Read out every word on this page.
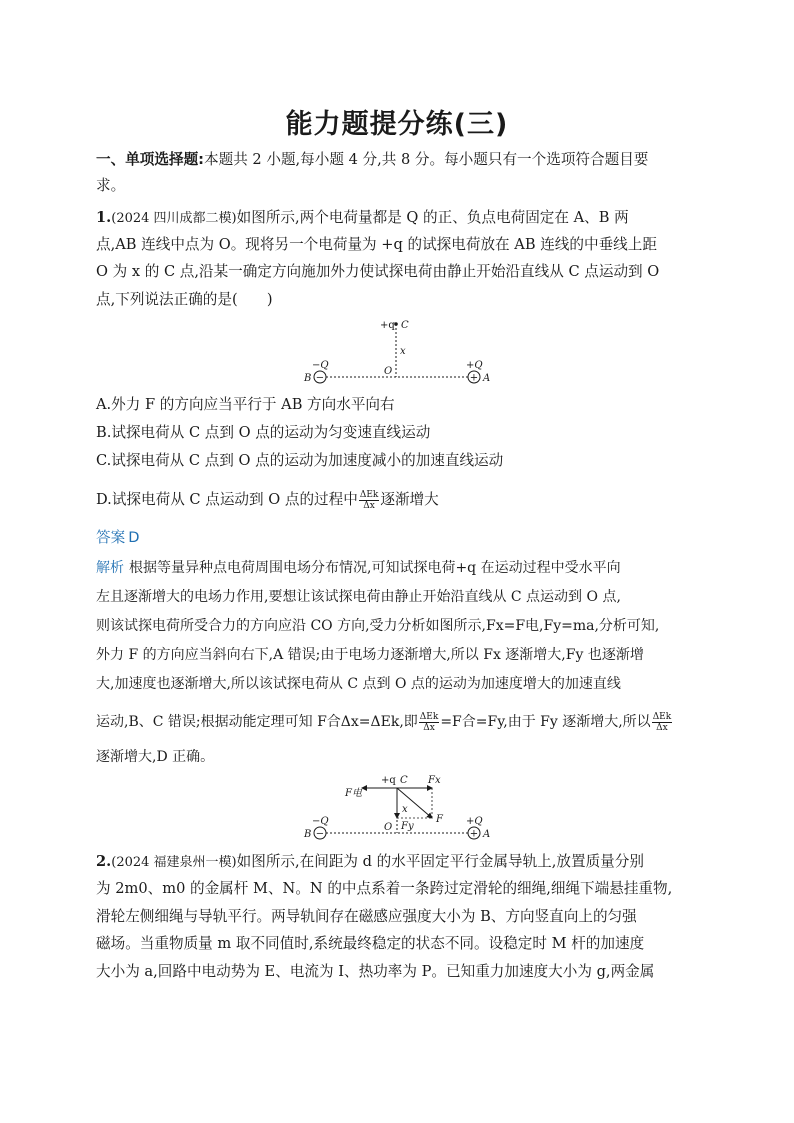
能力题提分练(三)
一、单项选择题:本题共 2 小题,每小题 4 分,共 8 分。每小题只有一个选项符合题目要
求。
1.(2024 四川成都二模)如图所示,两个电荷量都是 Q 的正、负点电荷固定在 A、B 两
点,AB 连线中点为 O。现将另一个电荷量为 +q 的试探电荷放在 AB 连线的中垂线上距
O 为 x 的 C 点,沿某一确定方向施加外力使试探电荷由静止开始沿直线从 C 点运动到 O
点,下列说法正确的是(　　)
−	+
+q C
x
−Q	+Q
B	A
O
A.外力 F 的方向应当平行于 AB 方向水平向右
B.试探电荷从 C 点到 O 点的运动为匀变速直线运动
C.试探电荷从 C 点到 O 点的运动为加速度减小的加速直线运动
D.试探电荷从 C 点运动到 O 点的过程中 $\frac{\text{ΔEk}}{\Delta x}$ 逐渐增大
答案 D
解析 根据等量异种点电荷周围电场分布情况,可知试探电荷+q 在运动过程中受水平向
左且逐渐增大的电场力作用,要想让该试探电荷由静止开始沿直线从 C 点运动到 O 点,
则该试探电荷所受合力的方向应沿 CO 方向,受力分析如图所示,Fx=F电,Fy=ma,分析可知,
外力 F 的方向应当斜向右下,A 错误;由于电场力逐渐增大,所以 Fx 逐渐增大,Fy 也逐渐增
大,加速度也逐渐增大,所以该试探电荷从 C 点到 O 点的运动为加速度增大的加速直线
运动,B、C 错误;根据动能定理可知 F合Δx=ΔEk,即 $\frac{\text{ΔEk}}{\Delta x} =F$合=Fy,由于 Fy 逐渐增大,所以 $\frac{\text{ΔEk}}{\Delta x}$
逐渐增大,D 正确。
−	+
+q C Fx
F电
x
F
Fy
−Q	+Q
B	A
O
2.(2024 福建泉州一模)如图所示,在间距为 d 的水平固定平行金属导轨上,放置质量分别
为 2m0、m0 的金属杆 M、N。N 的中点系着一条跨过定滑轮的细绳,细绳下端悬挂重物,
滑轮左侧细绳与导轨平行。两导轨间存在磁感应强度大小为 B、方向竖直向上的匀强
磁场。当重物质量 m 取不同值时,系统最终稳定的状态不同。设稳定时 M 杆的加速度
大小为 a,回路中电动势为 E、电流为 I、热功率为 P。已知重力加速度大小为 g,两金属
